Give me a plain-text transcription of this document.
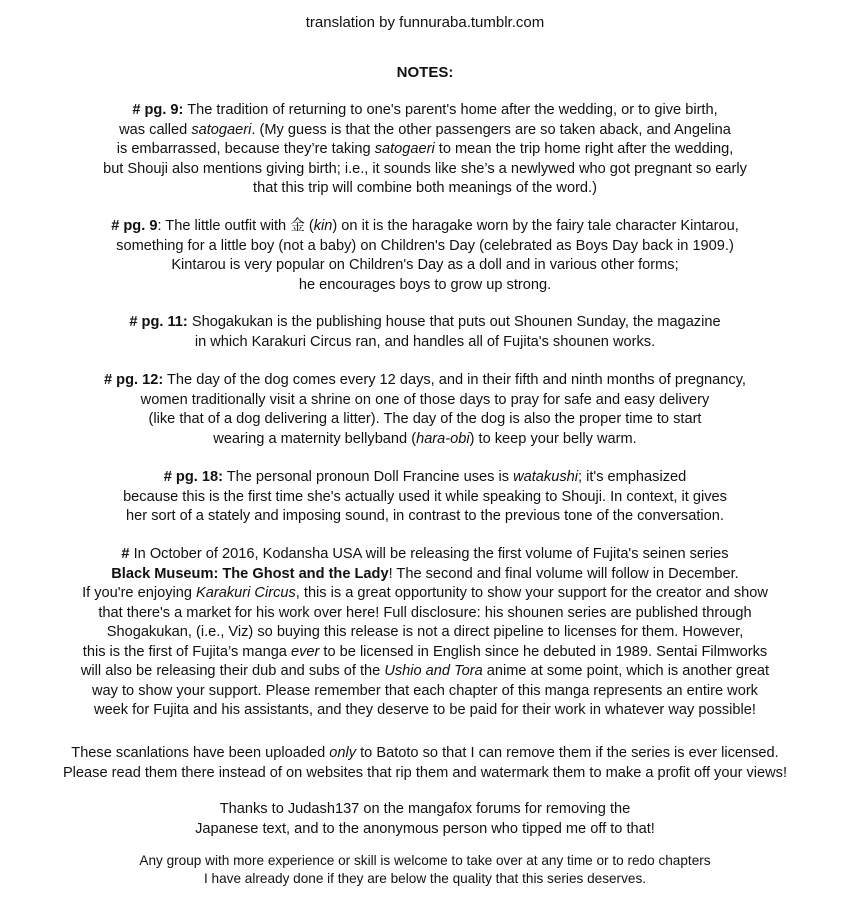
translation by funnuraba.tumblr.com
NOTES:
# pg. 9: The tradition of returning to one's parent's home after the wedding, or to give birth,
was called satogaeri. (My guess is that the other passengers are so taken aback, and Angelina
is embarrassed, because they’re taking satogaeri to mean the trip home right after the wedding,
but Shouji also mentions giving birth; i.e., it sounds like she’s a newlywed who got pregnant so early
that this trip will combine both meanings of the word.)
# pg. 9: The little outfit with 金 (kin) on it is the haragake worn by the fairy tale character Kintarou,
something for a little boy (not a baby) on Children's Day (celebrated as Boys Day back in 1909.)
Kintarou is very popular on Children's Day as a doll and in various other forms;
he encourages boys to grow up strong.
# pg. 11: Shogakukan is the publishing house that puts out Shounen Sunday, the magazine
in which Karakuri Circus ran, and handles all of Fujita's shounen works.
# pg. 12: The day of the dog comes every 12 days, and in their fifth and ninth months of pregnancy,
women traditionally visit a shrine on one of those days to pray for safe and easy delivery
(like that of a dog delivering a litter). The day of the dog is also the proper time to start
wearing a maternity bellyband (hara-obi) to keep your belly warm.
# pg. 18: The personal pronoun Doll Francine uses is watakushi; it's emphasized
because this is the first time she's actually used it while speaking to Shouji. In context, it gives
her sort of a stately and imposing sound, in contrast to the previous tone of the conversation.
# In October of 2016, Kodansha USA will be releasing the first volume of Fujita's seinen series
Black Museum: The Ghost and the Lady! The second and final volume will follow in December.
If you're enjoying Karakuri Circus, this is a great opportunity to show your support for the creator and show
that there's a market for his work over here! Full disclosure: his shounen series are published through
Shogakukan, (i.e., Viz) so buying this release is not a direct pipeline to licenses for them. However,
this is the first of Fujita’s manga ever to be licensed in English since he debuted in 1989. Sentai Filmworks
will also be releasing their dub and subs of the Ushio and Tora anime at some point, which is another great
way to show your support. Please remember that each chapter of this manga represents an entire work
week for Fujita and his assistants, and they deserve to be paid for their work in whatever way possible!
These scanlations have been uploaded only to Batoto so that I can remove them if the series is ever licensed.
Please read them there instead of on websites that rip them and watermark them to make a profit off your views!
Thanks to Judash137 on the mangafox forums for removing the
Japanese text, and to the anonymous person who tipped me off to that!
Any group with more experience or skill is welcome to take over at any time or to redo chapters
I have already done if they are below the quality that this series deserves.
